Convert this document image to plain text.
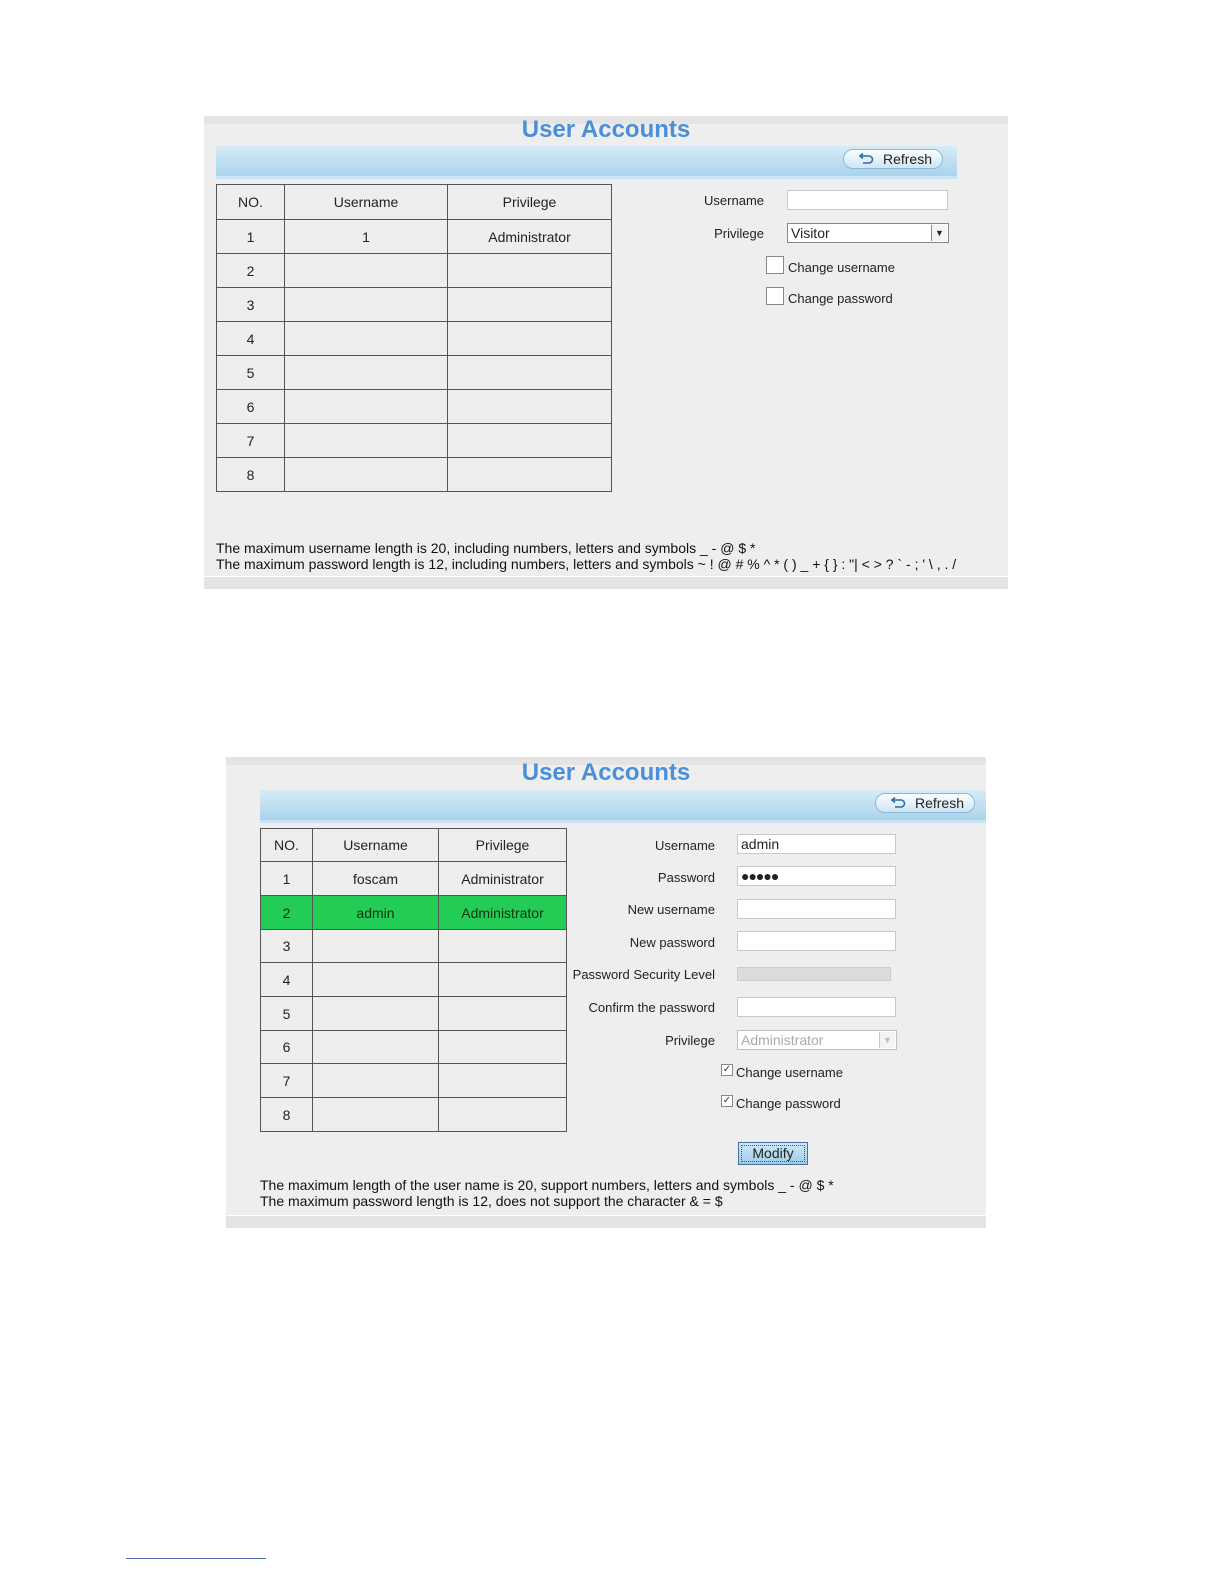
User Accounts
Refresh
NO.	Username	Privilege
1	1	Administrator
2		
3		
4		
5		
6		
7		
8		
Username
Privilege Visitor	▼
Change username
Change password
The maximum username length is 20, including numbers, letters and symbols _ - @ $ *
The maximum password length is 12, including numbers, letters and symbols ~ ! @ # % ^ * ( ) _ + { } : "| < > ? ` - ; ' \ , . /
User Accounts
Refresh
NO.	Username	Privilege
1	foscam	Administrator
2	admin	Administrator
3		
4		
5		
6		
7		
8		
Username admin
Password ●●●●●
New username
New password
Password Security Level
Confirm the password
Privilege Administrator	▼
✓ Change username
✓ Change password
Modify
The maximum length of the user name is 20, support numbers, letters and symbols _ - @ $ *
The maximum password length is 12, does not support the character & = $
